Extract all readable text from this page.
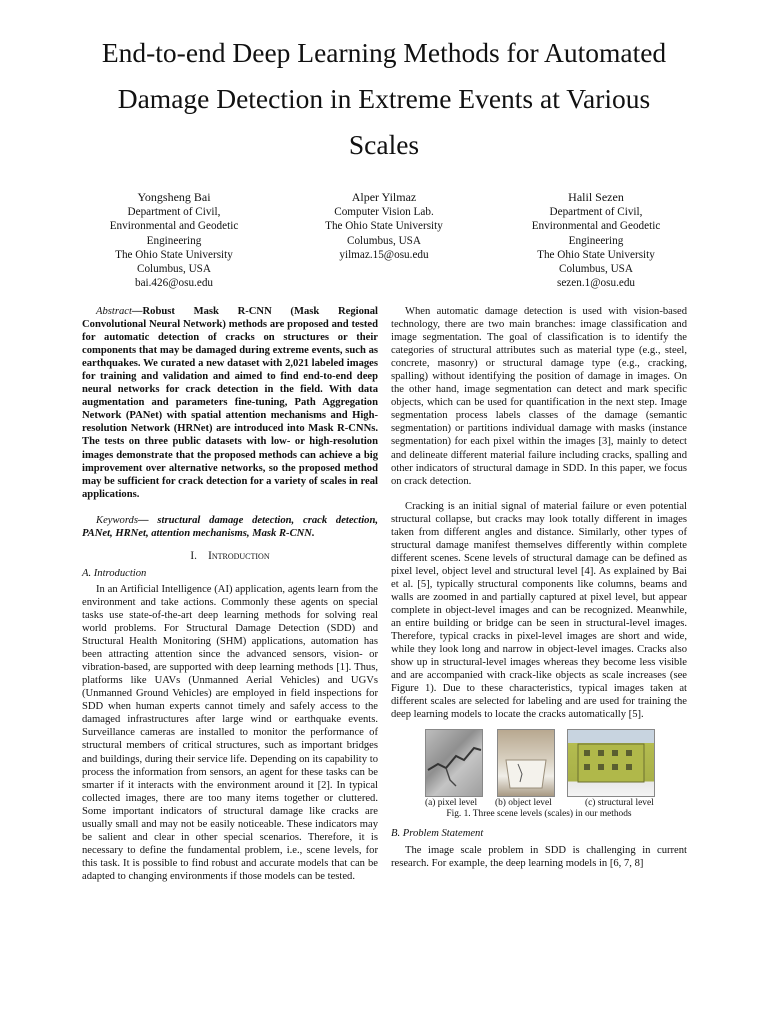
End-to-end Deep Learning Methods for Automated
Damage Detection in Extreme Events at Various
Scales
Yongsheng Bai
Department of Civil,
Environmental and Geodetic
Engineering
The Ohio State University
Columbus, USA
bai.426@osu.edu
Alper Yilmaz
Computer Vision Lab.
The Ohio State University
Columbus, USA
yilmaz.15@osu.edu
Halil Sezen
Department of Civil,
Environmental and Geodetic
Engineering
The Ohio State University
Columbus, USA
sezen.1@osu.edu

Abstract—Robust Mask R-CNN (Mask Regional Convolutional Neural Network) methods are proposed and tested for automatic detection of cracks on structures or their components that may be damaged during extreme events, such as earthquakes. We curated a new dataset with 2,021 labeled images for training and validation and aimed to find end-to-end deep neural networks for crack detection in the field. With data augmentation and parameters fine-tuning, Path Aggregation Network (PANet) with spatial attention mechanisms and High-resolution Network (HRNet) are introduced into Mask R-CNNs. The tests on three public datasets with low- or high-resolution images demonstrate that the proposed methods can achieve a big improvement over alternative networks, so the proposed method may be sufficient for crack detection for a variety of scales in real applications.

Keywords— structural damage detection, crack detection, PANet, HRNet, attention mechanisms, Mask R-CNN.

I. Introduction

A. Introduction

In an Artificial Intelligence (AI) application, agents learn from the environment and take actions. Commonly these agents on special tasks use state-of-the-art deep learning methods for solving real world problems. For Structural Damage Detection (SDD) and Structural Health Monitoring (SHM) applications, automation has been attracting attention since the advanced sensors, vision- or vibration-based, are supported with deep learning methods [1]. Thus, platforms like UAVs (Unmanned Aerial Vehicles) and UGVs (Unmanned Ground Vehicles) are employed in field inspections for SDD when human experts cannot timely and safely access to the damaged infrastructures after large wind or earthquake events. Surveillance cameras are installed to monitor the performance of structural members of critical structures, such as important bridges and buildings, during their service life. Depending on its capability to process the information from sensors, an agent for these tasks can be smarter if it interacts with the environment around it [2]. In typical collected images, there are too many items together or cluttered. Some important indicators of structural damage like cracks are usually small and may not be easily noticeable. These indicators may be salient and clear in other special scenarios. Therefore, it is necessary to define the fundamental problem, i.e., scene levels, for this task. It is possible to find robust and accurate models that can be adapted to changing environments if those models can be tested.

When automatic damage detection is used with vision-based technology, there are two main branches: image classification and image segmentation. The goal of classification is to identify the categories of structural attributes such as material type (e.g., steel, concrete, masonry) or structural damage type (e.g., cracking, spalling) without identifying the position of damage in images. On the other hand, image segmentation can detect and mark specific objects, which can be used for quantification in the next step. Image segmentation process labels classes of the damage (semantic segmentation) or partitions individual damage with masks (instance segmentation) for each pixel within the images [3], mainly to detect and delineate different material failure including cracks, spalling and other indicators of structural damage in SDD. In this paper, we focus on crack detection.

Cracking is an initial signal of material failure or even potential structural collapse, but cracks may look totally different in images taken from different angles and distance. Similarly, other types of structural damage manifest themselves differently within complete different scenes. Scene levels of structural damage can be defined as pixel level, object level and structural level [4]. As explained by Bai et al. [5], typically structural components like columns, beams and walls are zoomed in and partially captured at pixel level, but appear complete in object-level images and can be recognized. Meanwhile, an entire building or bridge can be seen in structural-level images. Therefore, typical cracks in pixel-level images are short and wide, while they look long and narrow in object-level images. Cracks also show up in structural-level images whereas they become less visible and are accompanied with crack-like objects as scale increases (see Figure 1). Due to these characteristics, typical images taken at different scales are selected for labeling and are used for training the deep learning models to locate the cracks automatically [5].

(a) pixel level (b) object level	(c) structural level
Fig. 1. Three scene levels (scales) in our methods

B. Problem Statement

The image scale problem in SDD is challenging in current research. For example, the deep learning models in [6, 7, 8]
